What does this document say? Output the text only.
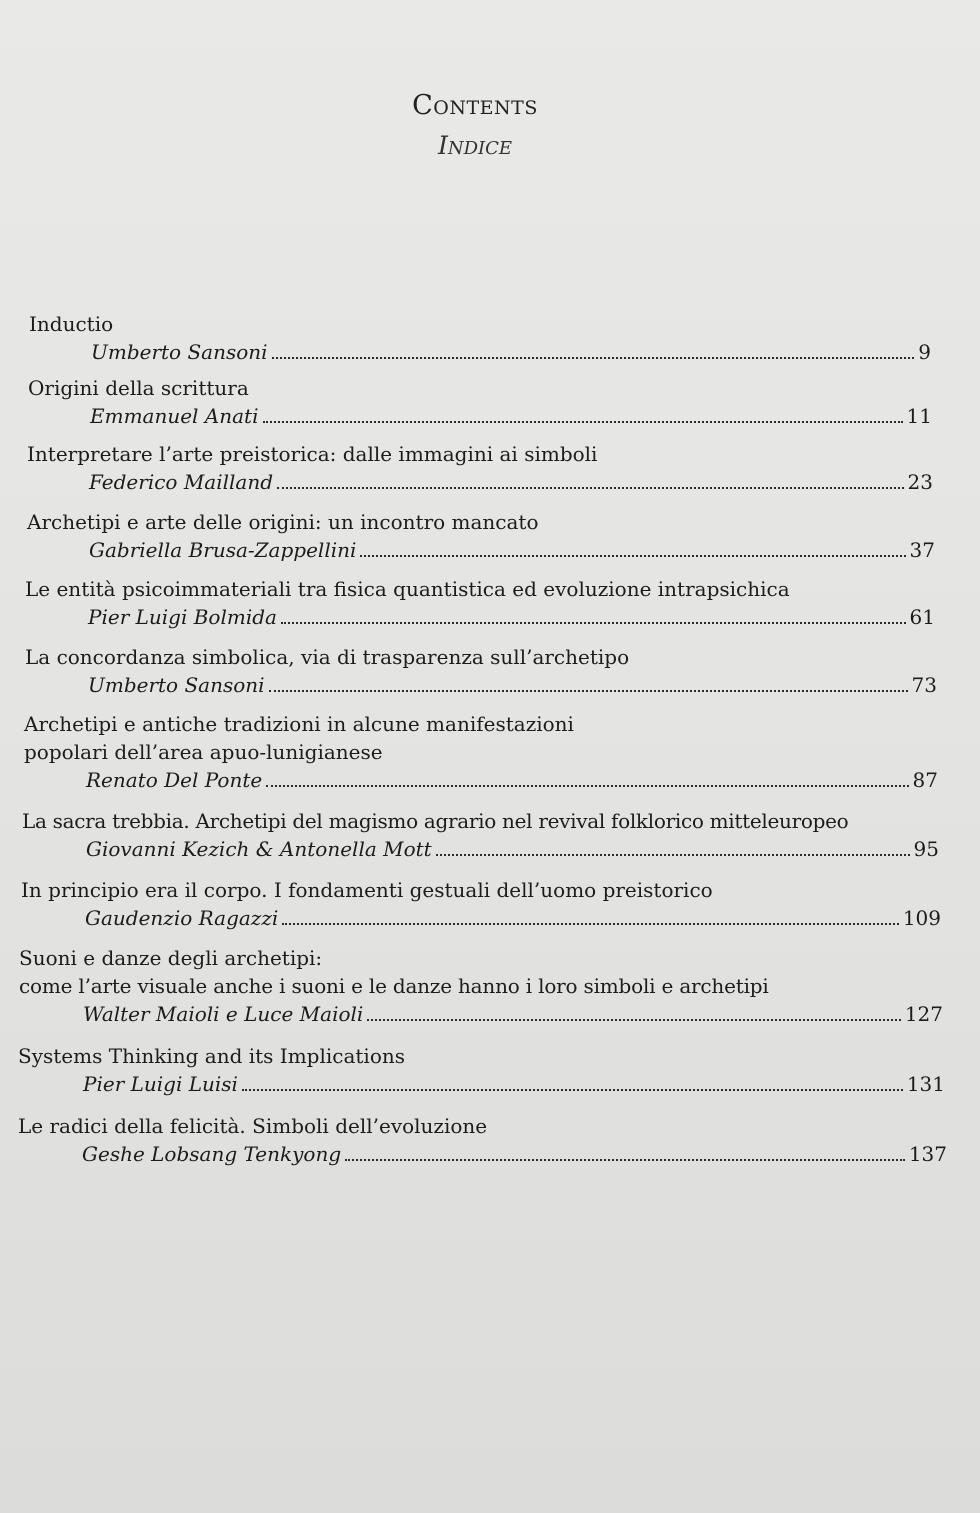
Contents
Indice
Inductio
Umberto Sansoni	9
Origini della scrittura
Emmanuel Anati	11
Interpretare l’arte preistorica: dalle immagini ai simboli
Federico Mailland	23
Archetipi e arte delle origini: un incontro mancato
Gabriella Brusa-Zappellini	37
Le entità psicoimmateriali tra fisica quantistica ed evoluzione intrapsichica
Pier Luigi Bolmida	61
La concordanza simbolica, via di trasparenza sull’archetipo
Umberto Sansoni	73
Archetipi e antiche tradizioni in alcune manifestazioni
popolari dell’area apuo-lunigianese
Renato Del Ponte	87
La sacra trebbia. Archetipi del magismo agrario nel revival folklorico mitteleuropeo
Giovanni Kezich & Antonella Mott	95
In principio era il corpo. I fondamenti gestuali dell’uomo preistorico
Gaudenzio Ragazzi	109
Suoni e danze degli archetipi:
come l’arte visuale anche i suoni e le danze hanno i loro simboli e archetipi
Walter Maioli e Luce Maioli	127
Systems Thinking and its Implications
Pier Luigi Luisi	131
Le radici della felicità. Simboli dell’evoluzione
Geshe Lobsang Tenkyong	137
